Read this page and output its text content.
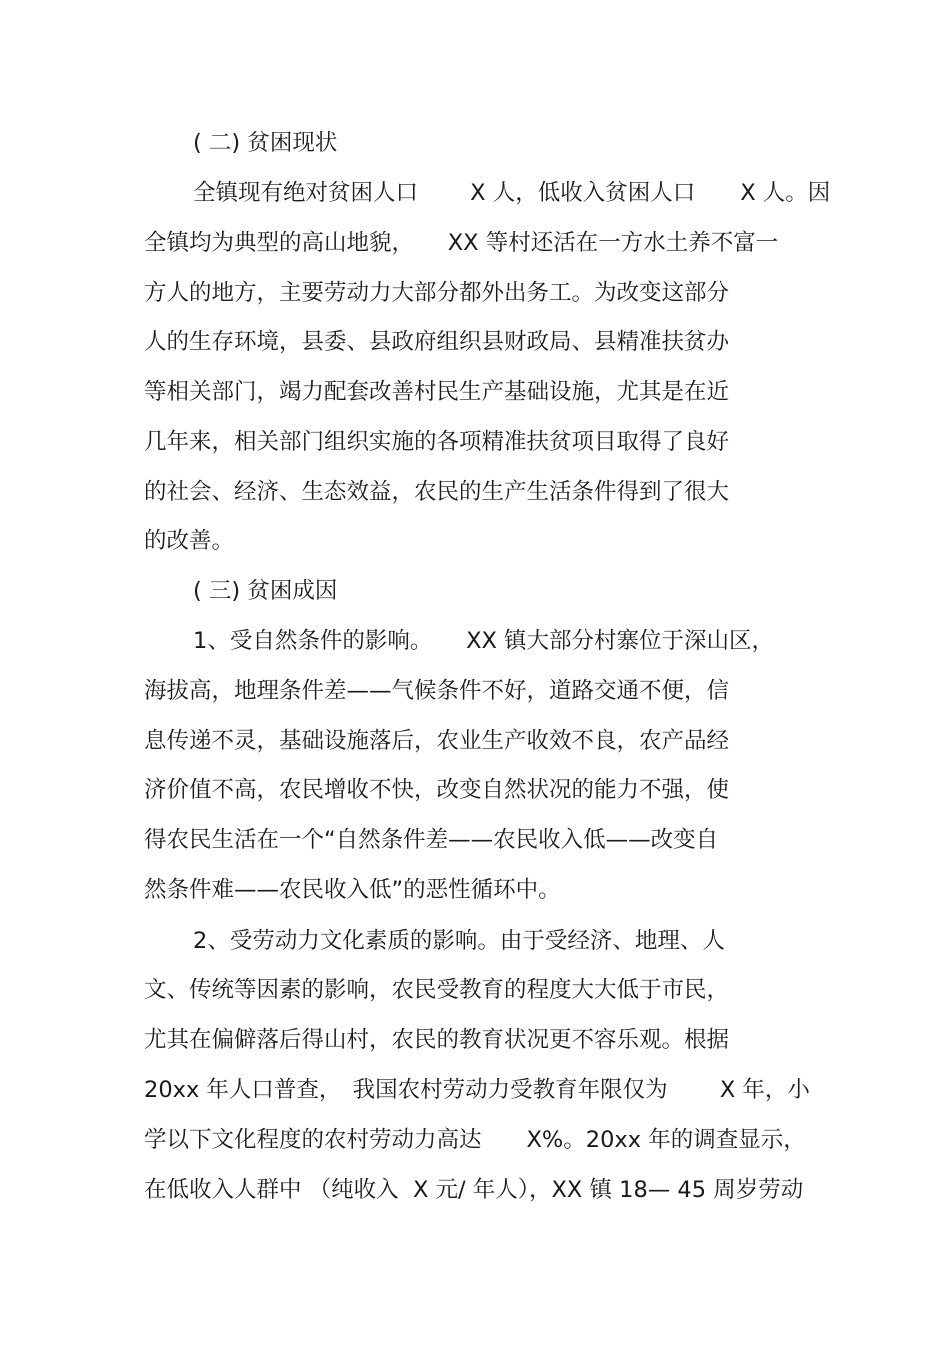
( 二) 贫困现状
全镇现有绝对贫困人口　　 X 人，低收入贫困人口　　X 人。因
全镇均为典型的高山地貌，　　XX 等村还活在一方水土养不富一
方人的地方，主要劳动力大部分都外出务工。为改变这部分
人的生存环境，县委、县政府组织县财政局、县精准扶贫办
等相关部门，竭力配套改善村民生产基础设施，尤其是在近
几年来，相关部门组织实施的各项精准扶贫项目取得了良好
的社会、经济、生态效益，农民的生产生活条件得到了很大
的改善。
( 三) 贫困成因
1、受自然条件的影响。　　XX 镇大部分村寨位于深山区，
海拔高，地理条件差——气候条件不好，道路交通不便，信
息传递不灵，基础设施落后，农业生产收效不良，农产品经
济价值不高，农民增收不快，改变自然状况的能力不强，使
得农民生活在一个“自然条件差——农民收入低——改变自
然条件难——农民收入低”的恶性循环中。
2、受劳动力文化素质的影响。由于受经济、地理、人
文、传统等因素的影响，农民受教育的程度大大低于市民，
尤其在偏僻落后得山村，农民的教育状况更不容乐观。根据
20xx 年人口普查，　我国农村劳动力受教育年限仅为　　 X 年，小
学以下文化程度的农村劳动力高达　　X%。20xx 年的调查显示，
在低收入人群中 （纯收入  X 元/ 年人），XX 镇 18— 45 周岁劳动
